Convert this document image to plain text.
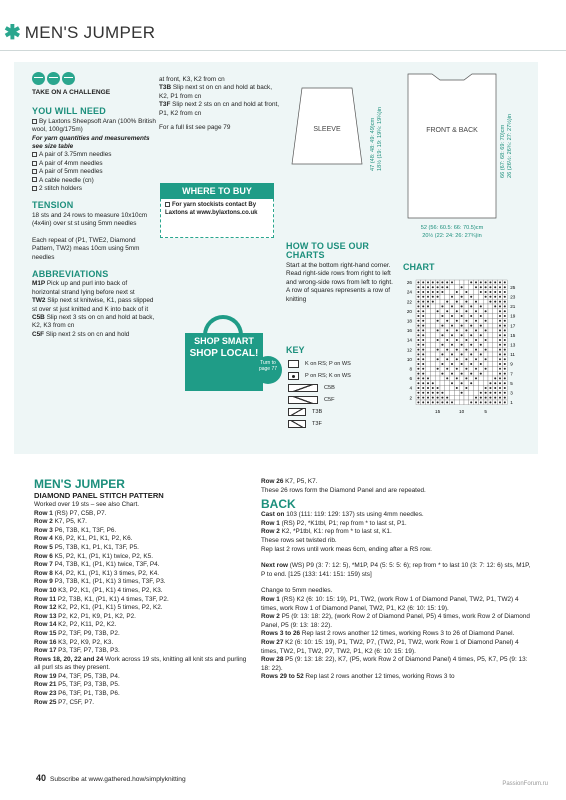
✱ MEN'S JUMPER
TAKE ON A CHALLENGE
YOU WILL NEED
By Laxtons Sheepsoft Aran (100% British wool, 100g/175m)
For yarn quantities and measurements see size table
A pair of 3.75mm needles
A pair of 4mm needles
A pair of 5mm needles
A cable needle (cn)
2 stitch holders
TENSION
18 sts and 24 rows to measure 10x10cm (4x4in) over st st using 5mm needles
Each repeat of (P1, TWE2, Diamond Pattern, TW2) meas 10cm using 5mm needles
ABBREVIATIONS
M1P Pick up and purl into back of horizontal strand lying before next st
TW2 Slip next st knitwise, K1, pass slipped st over st just knitted and K into back of it
C5B Slip next 3 sts on cn and hold at back, K2, K3 from cn
C5F Slip next 2 sts on cn and hold
at front, K3, K2 from cn
T3B Slip next st on cn and hold at back, K2, P1 from cn
T3F Slip next 2 sts on cn and hold at front, P1, K2 from cn
For a full list see page 79
WHERE TO BUY
For yarn stockists contact By Laxtons at www.bylaxtons.co.uk
SHOP SMART
SHOP LOCAL!
Turn to page 77
SLEEVE	FRONT & BACK
47 (48: 48: 49: 49)cm 18½ (19: 19: 19¼: 19¼)in	66 (67: 68: 69: 70)cm 26 (26½: 26¾: 27: 27½)in
52 (56: 60.5: 66: 70.5)cm
20½ (22: 24: 26: 27¾)in
HOW TO USE OUR CHARTS
Start at the bottom right-hand corner. Read right-side rows from right to left and wrong-side rows from left to right. A row of squares represents a row of knitting
KEY
K on RS; P on WS
P on RS; K on WS
C5B
C5F
T3B
T3F
CHART
26
24
22
20
18
16
14
12
10
8
6
4
2
25
23
21
19
17
15
13
11
9
7
5
3
1
15	10	5
MEN'S JUMPER
DIAMOND PANEL STITCH PATTERN
Worked over 19 sts – see also Chart.
Row 1 (RS) P7, C5B, P7.
Row 2 K7, P5, K7.
Row 3 P6, T3B, K1, T3F, P6.
Row 4 K6, P2, K1, P1, K1, P2, K6.
Row 5 P5, T3B, K1, P1, K1, T3F, P5.
Row 6 K5, P2, K1, (P1, K1) twice, P2, K5.
Row 7 P4, T3B, K1, (P1, K1) twice, T3F, P4.
Row 8 K4, P2, K1, (P1, K1) 3 times, P2, K4.
Row 9 P3, T3B, K1, (P1, K1) 3 times, T3F, P3.
Row 10 K3, P2, K1, (P1, K1) 4 times, P2, K3.
Row 11 P2, T3B, K1, (P1, K1) 4 times, T3F, P2.
Row 12 K2, P2, K1, (P1, K1) 5 times, P2, K2.
Row 13 P2, K2, P1, K9, P1, K2, P2.
Row 14 K2, P2, K11, P2, K2.
Row 15 P2, T3F, P9, T3B, P2.
Row 16 K3, P2, K9, P2, K3.
Row 17 P3, T3F, P7, T3B, P3.
Rows 18, 20, 22 and 24 Work across 19 sts, knitting all knit sts and purling all purl sts as they present.
Row 19 P4, T3F, P5, T3B, P4.
Row 21 P5, T3F, P3, T3B, P5.
Row 23 P6, T3F, P1, T3B, P6.
Row 25 P7, C5F, P7.
Row 26 K7, P5, K7.
These 26 rows form the Diamond Panel and are repeated.
BACK
Cast on 103 (111: 119: 129: 137) sts using 4mm needles.
Row 1 (RS) P2, *K1tbl, P1; rep from * to last st, P1.
Row 2 K2, *P1tbl, K1: rep from * to last st, K1.
These rows set twisted rib.
Rep last 2 rows until work meas 6cm, ending after a RS row.
Next row (WS) P9 (3: 7: 12: 5), *M1P, P4 (5: 5: 5: 6); rep from * to last 10 (3: 7: 12: 6) sts, M1P, P to end. [125 (133: 141: 151: 159) sts]
Change to 5mm needles.
Row 1 (RS) K2 (6: 10: 15: 19), P1, TW2, (work Row 1 of Diamond Panel, TW2, P1, TW2) 4 times, work Row 1 of Diamond Panel, TW2, P1, K2 (6: 10: 15: 19).
Row 2 P5 (9: 13: 18: 22), (work Row 2 of Diamond Panel, P5) 4 times, work Row 2 of Diamond Panel, P5 (9: 13: 18: 22).
Rows 3 to 26 Rep last 2 rows another 12 times, working Rows 3 to 26 of Diamond Panel.
Row 27 K2 (6: 10: 15: 19), P1, TW2, P7, (TW2, P1, TW2, work Row 1 of Diamond Panel) 4 times, TW2, P1, TW2, P7, TW2, P1, K2 (6: 10: 15: 19).
Row 28 P5 (9: 13: 18: 22), K7, (P5, work Row 2 of Diamond Panel) 4 times, P5, K7, P5 (9: 13: 18: 22).
Rows 29 to 52 Rep last 2 rows another 12 times, working Rows 3 to
40 Subscribe at www.gathered.how/simplyknitting
PassionForum.ru
